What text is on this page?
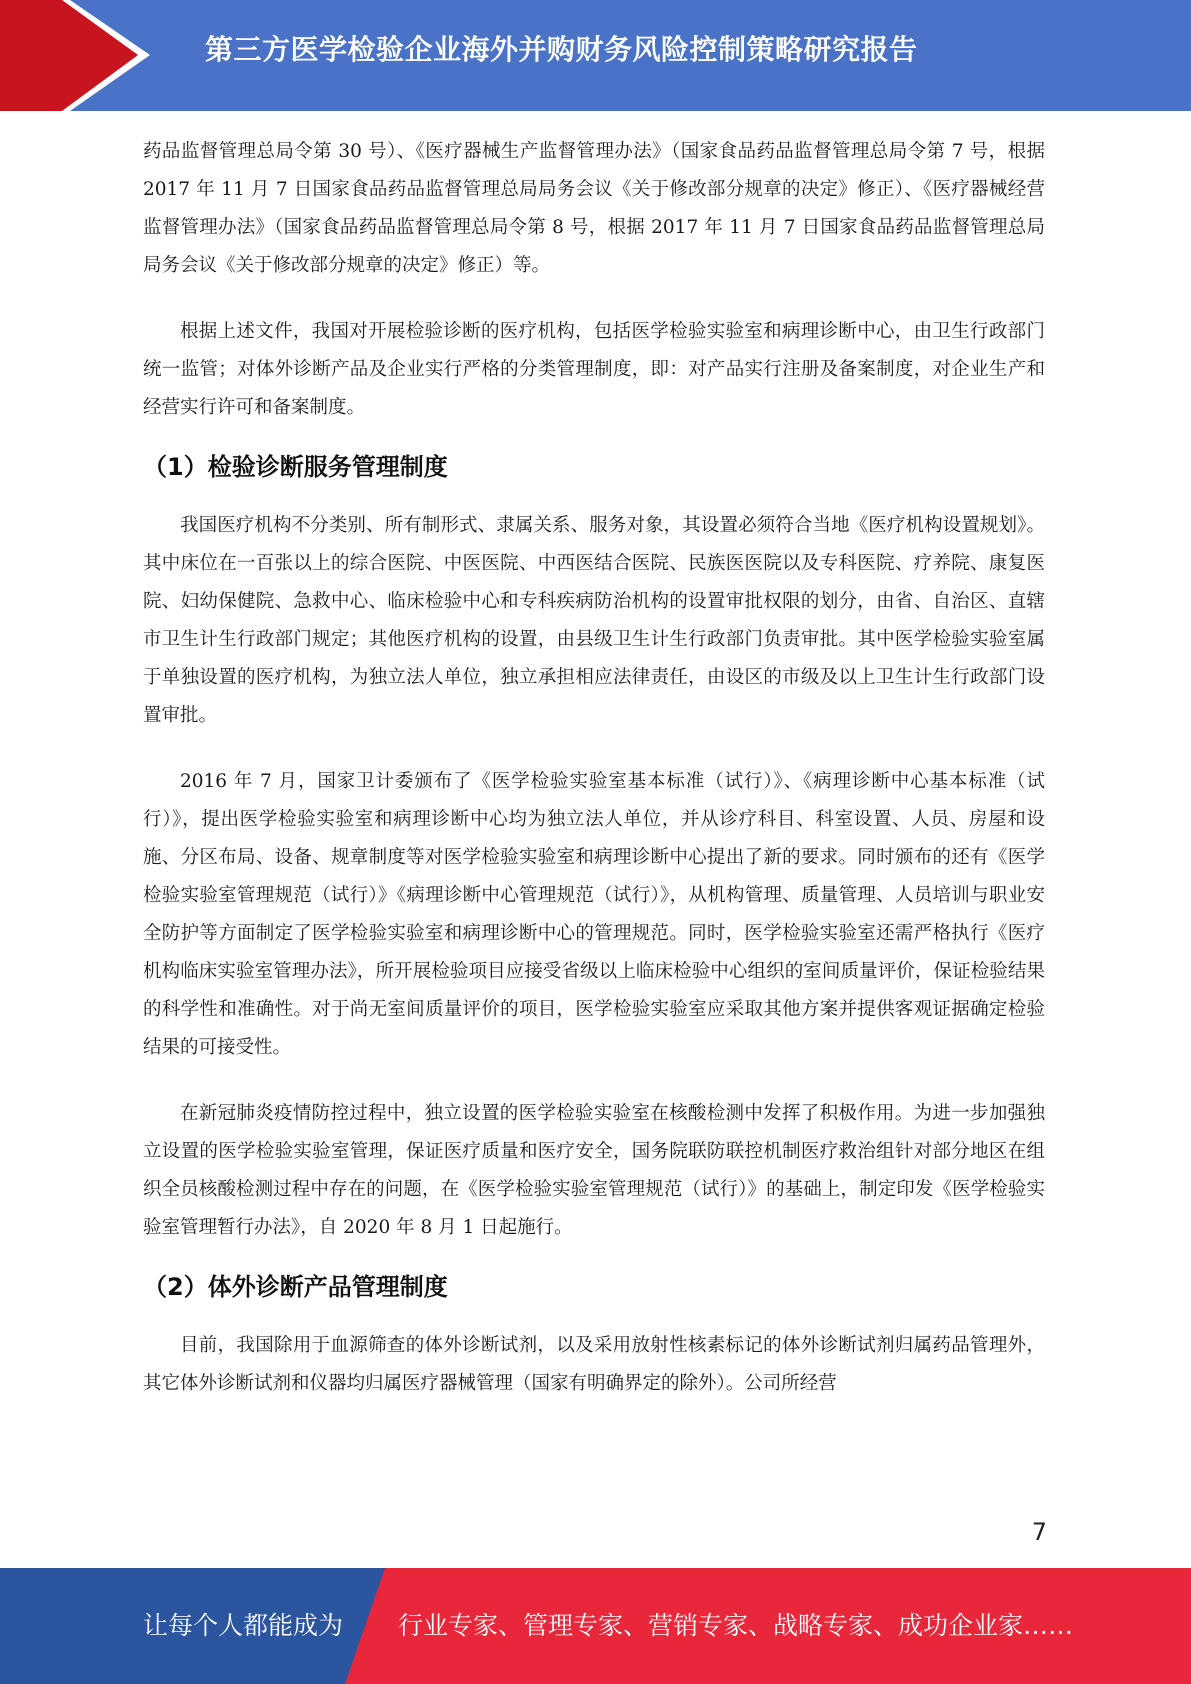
第三方医学检验企业海外并购财务风险控制策略研究报告

药品监督管理总局令第 30 号）、《医疗器械生产监督管理办法》（国家食品药品监督管理总局令第 7 号，根据 2017 年 11 月 7 日国家食品药品监督管理总局局务会议《关于修改部分规章的决定》修正）、《医疗器械经营监督管理办法》（国家食品药品监督管理总局令第 8 号，根据 2017 年 11 月 7 日国家食品药品监督管理总局局务会议《关于修改部分规章的决定》修正）等。

根据上述文件，我国对开展检验诊断的医疗机构，包括医学检验实验室和病理诊断中心，由卫生行政部门统一监管；对体外诊断产品及企业实行严格的分类管理制度，即：对产品实行注册及备案制度，对企业生产和经营实行许可和备案制度。

（1）检验诊断服务管理制度

我国医疗机构不分类别、所有制形式、隶属关系、服务对象，其设置必须符合当地《医疗机构设置规划》。其中床位在一百张以上的综合医院、中医医院、中西医结合医院、民族医医院以及专科医院、疗养院、康复医院、妇幼保健院、急救中心、临床检验中心和专科疾病防治机构的设置审批权限的划分，由省、自治区、直辖市卫生计生行政部门规定；其他医疗机构的设置，由县级卫生计生行政部门负责审批。其中医学检验实验室属于单独设置的医疗机构，为独立法人单位，独立承担相应法律责任，由设区的市级及以上卫生计生行政部门设置审批。

2016 年 7 月，国家卫计委颁布了《医学检验实验室基本标准（试行）》、《病理诊断中心基本标准（试行）》，提出医学检验实验室和病理诊断中心均为独立法人单位，并从诊疗科目、科室设置、人员、房屋和设施、分区布局、设备、规章制度等对医学检验实验室和病理诊断中心提出了新的要求。同时颁布的还有《医学检验实验室管理规范（试行）》《病理诊断中心管理规范（试行）》，从机构管理、质量管理、人员培训与职业安全防护等方面制定了医学检验实验室和病理诊断中心的管理规范。同时，医学检验实验室还需严格执行《医疗机构临床实验室管理办法》，所开展检验项目应接受省级以上临床检验中心组织的室间质量评价，保证检验结果的科学性和准确性。对于尚无室间质量评价的项目，医学检验实验室应采取其他方案并提供客观证据确定检验结果的可接受性。

在新冠肺炎疫情防控过程中，独立设置的医学检验实验室在核酸检测中发挥了积极作用。为进一步加强独立设置的医学检验实验室管理，保证医疗质量和医疗安全，国务院联防联控机制医疗救治组针对部分地区在组织全员核酸检测过程中存在的问题，在《医学检验实验室管理规范（试行）》的基础上，制定印发《医学检验实验室管理暂行办法》，自 2020 年 8 月 1 日起施行。

（2）体外诊断产品管理制度

目前，我国除用于血源筛查的体外诊断试剂，以及采用放射性核素标记的体外诊断试剂归属药品管理外，其它体外诊断试剂和仪器均归属医疗器械管理（国家有明确界定的除外）。公司所经营

7
让每个人都能成为 行业专家、管理专家、营销专家、战略专家、成功企业家……
